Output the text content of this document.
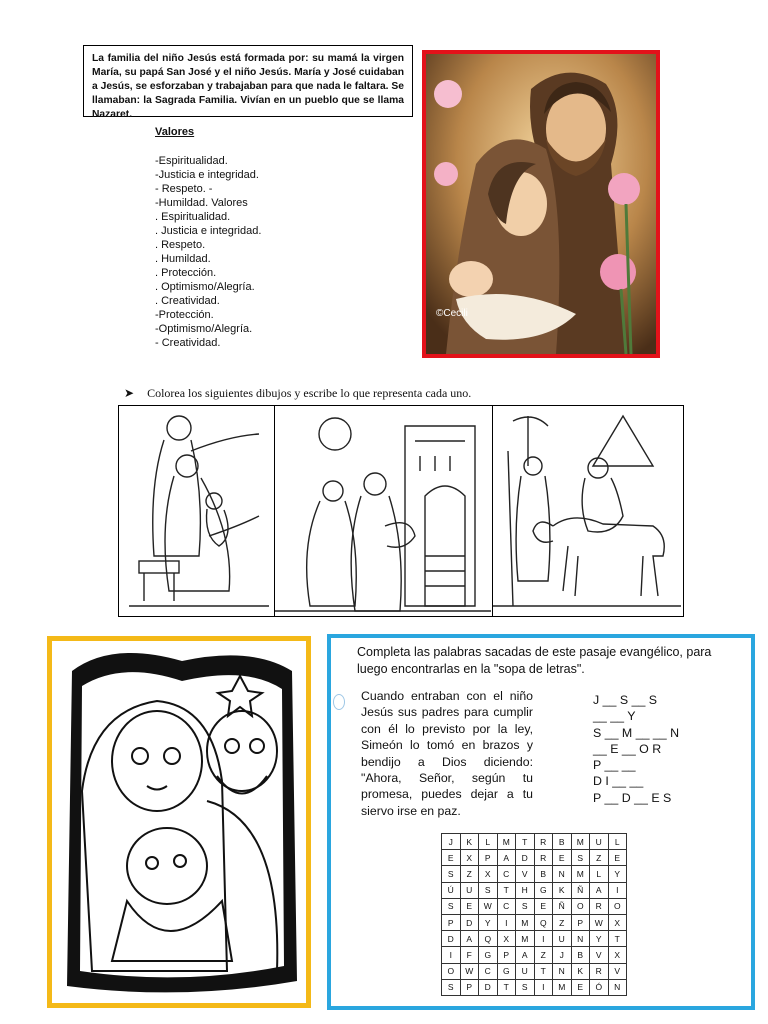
La familia del niño Jesús está formada por: su mamá la virgen María, su papá San José y el niño Jesús. María y José cuidaban a Jesús, se esforzaban y trabajaban para que nada le faltara. Se llamaban: la Sagrada Familia. Vivían en un pueblo que se llama Nazaret.
Valores
-Espiritualidad.
-Justicia e integridad.
- Respeto. -
-Humildad. Valores
. Espiritualidad.
. Justicia e integridad.
. Respeto.
. Humildad.
. Protección.
. Optimismo/Alegría.
. Creatividad.
-Protección.
-Optimismo/Alegría.
- Creatividad.
©Cecili
➤ Colorea los siguientes dibujos y escribe lo que representa cada uno.
Completa las palabras sacadas de este pasaje evangélico, para luego encontrarlas en la "sopa de letras".
Cuando entraban con el niño Jesús sus padres para cumplir con él lo previsto por la ley, Simeón lo tomó en brazos y bendijo a Dios diciendo: "Ahora, Señor, según tu promesa, puedes dejar a tu siervo irse en paz.
J __ S __ S
__ __ Y
S __ M __ __ N
__ E __ O R
P __ __
D I __ __
P __ D __ E S
J	K	L	M	T	R	B	M	U	L
E	X	P	A	D	R	E	S	Z	E
S	Z	X	C	V	B	N	M	L	Y
Ú	U	S	T	H	G	K	Ñ	A	I
S	E	W	C	S	E	Ñ	O	R	O
P	D	Y	I	M	Q	Z	P	W	X
D	A	Q	X	M	I	U	N	Y	T
I	F	G	P	A	Z	J	B	V	X
O	W	C	G	U	T	N	K	R	V
S	P	D	T	S	I	M	E	Ó	N
